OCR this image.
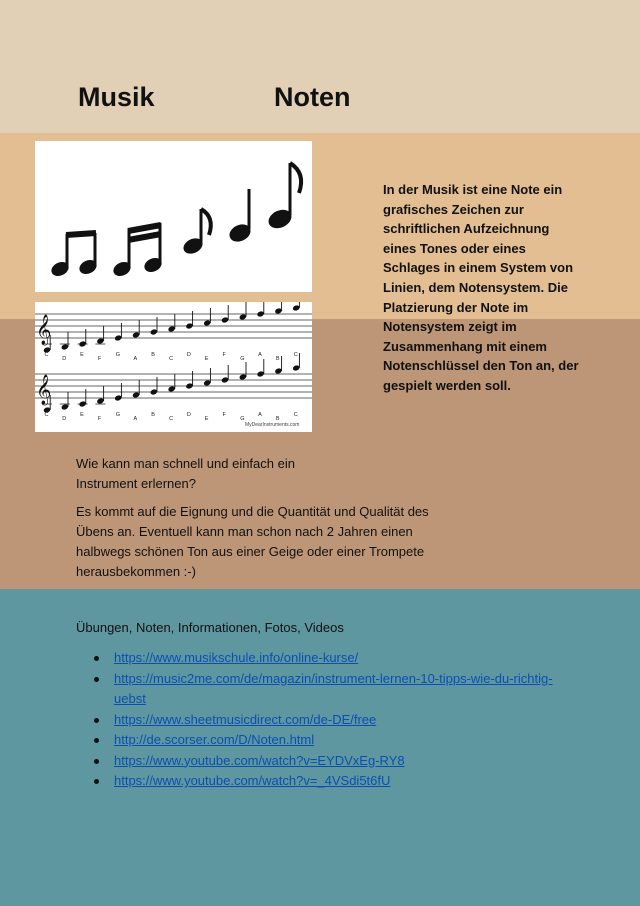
Musik	Noten
𝄞
C
D
E
F
G
A
B
C
D
E
F
G
A
B
C
𝄞
C
D
E
F
G
A
B
C
D
E
F
G
A
B
C
MyDearInstruments.com
In der Musik ist eine Note ein grafisches Zeichen zur schriftlichen Aufzeichnung eines Tones oder eines Schlages in einem System von Linien, dem Notensystem. Die Platzierung der Note im Notensystem zeigt im Zusammenhang mit einem Notenschlüssel den Ton an, der gespielt werden soll.
Wie kann man schnell und einfach ein Instrument erlernen?
Es kommt auf die Eignung und die Quantität und Qualität des Übens an. Eventuell kann man schon nach 2 Jahren einen halbwegs schönen Ton aus einer Geige oder einer Trompete herausbekommen :-)
Übungen, Noten, Informationen, Fotos, Videos
https://www.musikschule.info/online-kurse/
https://music2me.com/de/magazin/instrument-lernen-10-tipps-wie-du-richtig-uebst
https://www.sheetmusicdirect.com/de-DE/free
http://de.scorser.com/D/Noten.html
https://www.youtube.com/watch?v=EYDVxEg-RY8
https://www.youtube.com/watch?v=_4VSdi5t6fU
